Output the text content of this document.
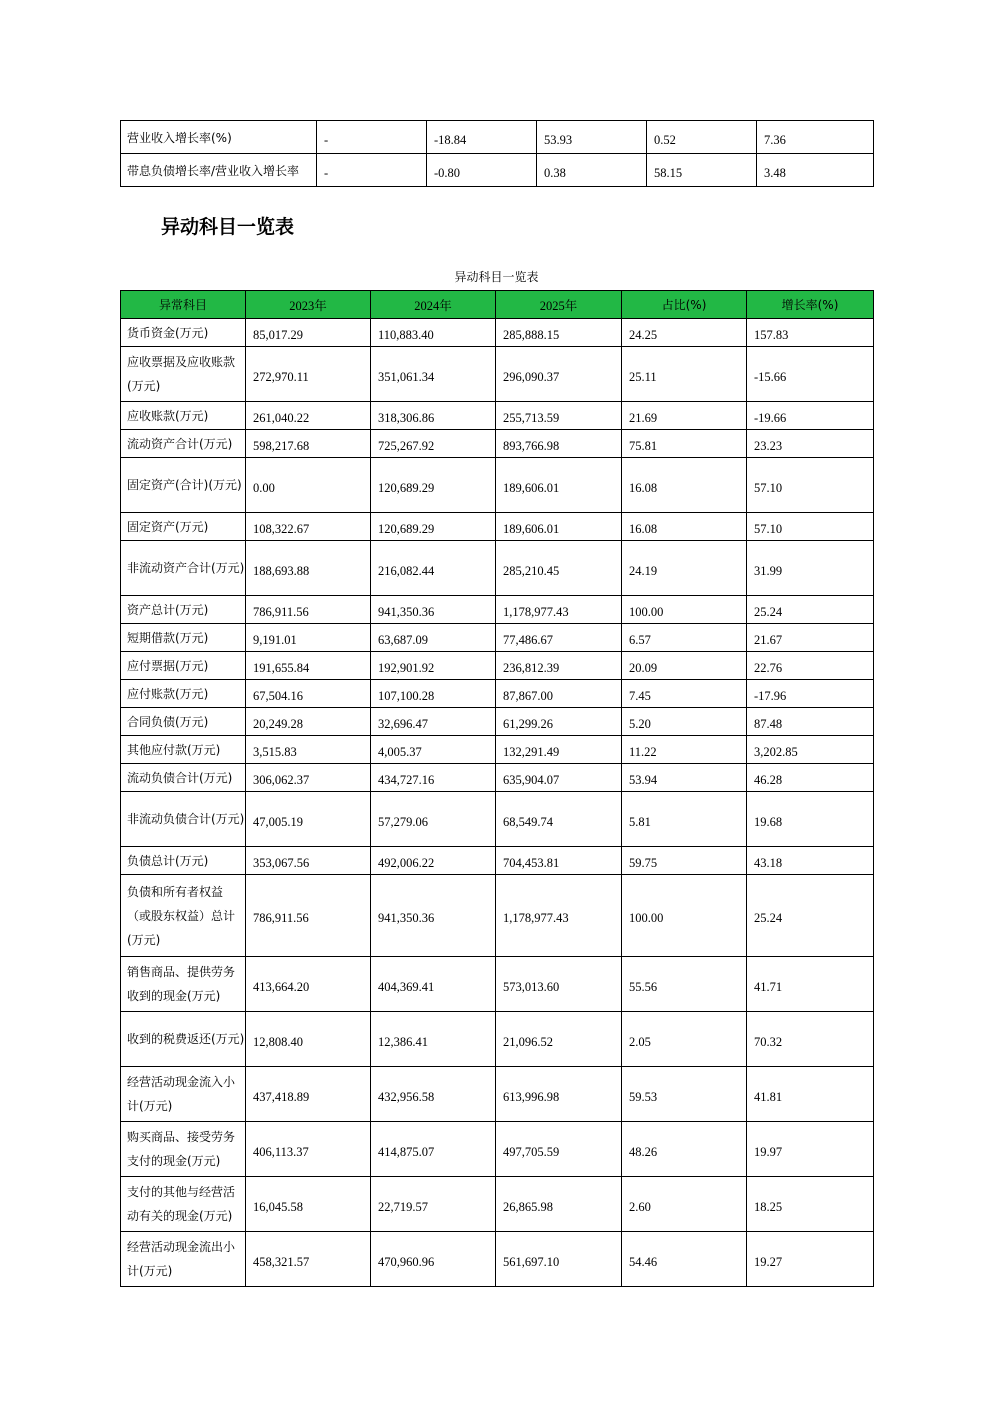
营业收入增长率(%)	-	-18.84	53.93	0.52	7.36
带息负债增长率/营业收入增长率	-	-0.80	0.38	58.15	3.48
异动科目一览表
异动科目一览表
异常科目	2023年	2024年	2025年	占比(%)	增长率(%)
货币资金(万元)	85,017.29	110,883.40	285,888.15	24.25	157.83
应收票据及应收账款(万元)	272,970.11	351,061.34	296,090.37	25.11	-15.66
应收账款(万元)	261,040.22	318,306.86	255,713.59	21.69	-19.66
流动资产合计(万元)	598,217.68	725,267.92	893,766.98	75.81	23.23
固定资产(合计)(万元)	0.00	120,689.29	189,606.01	16.08	57.10
固定资产(万元)	108,322.67	120,689.29	189,606.01	16.08	57.10
非流动资产合计(万元)	188,693.88	216,082.44	285,210.45	24.19	31.99
资产总计(万元)	786,911.56	941,350.36	1,178,977.43	100.00	25.24
短期借款(万元)	9,191.01	63,687.09	77,486.67	6.57	21.67
应付票据(万元)	191,655.84	192,901.92	236,812.39	20.09	22.76
应付账款(万元)	67,504.16	107,100.28	87,867.00	7.45	-17.96
合同负债(万元)	20,249.28	32,696.47	61,299.26	5.20	87.48
其他应付款(万元)	3,515.83	4,005.37	132,291.49	11.22	3,202.85
流动负债合计(万元)	306,062.37	434,727.16	635,904.07	53.94	46.28
非流动负债合计(万元)	47,005.19	57,279.06	68,549.74	5.81	19.68
负债总计(万元)	353,067.56	492,006.22	704,453.81	59.75	43.18
负债和所有者权益（或股东权益）总计(万元)	786,911.56	941,350.36	1,178,977.43	100.00	25.24
销售商品、提供劳务收到的现金(万元)	413,664.20	404,369.41	573,013.60	55.56	41.71
收到的税费返还(万元)	12,808.40	12,386.41	21,096.52	2.05	70.32
经营活动现金流入小计(万元)	437,418.89	432,956.58	613,996.98	59.53	41.81
购买商品、接受劳务支付的现金(万元)	406,113.37	414,875.07	497,705.59	48.26	19.97
支付的其他与经营活动有关的现金(万元)	16,045.58	22,719.57	26,865.98	2.60	18.25
经营活动现金流出小计(万元)	458,321.57	470,960.96	561,697.10	54.46	19.27
